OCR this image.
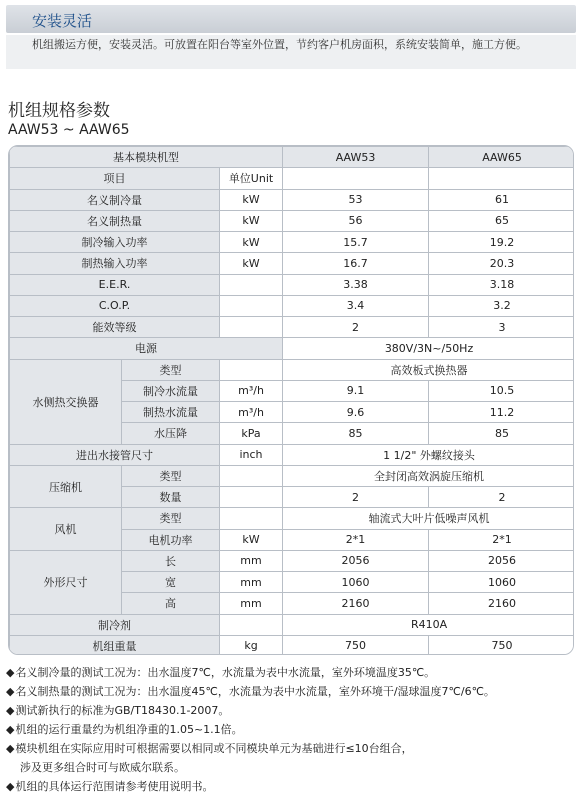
安装灵活

机组搬运方便，安装灵活。可放置在阳台等室外位置，节约客户机房面积，系统安装简单，施工方便。

机组规格参数
AAW53 ~ AAW65
基本模块机型			AAW53	AAW65
项目		单位Unit		
名义制冷量		kW	53	61
名义制热量		kW	56	65
制冷输入功率		kW	15.7	19.2
制热输入功率		kW	16.7	20.3
E.E.R.			3.38	3.18
C.O.P.			3.4	3.2
能效等级			2	3
电源			380V/3N~/50Hz	
水侧热交换器	类型		高效板式换热器	
	制冷水流量	m³/h	9.1	10.5
	制热水流量	m³/h	9.6	11.2
	水压降	kPa	85	85
进出水接管尺寸		inch	1 1/2" 外螺纹接头	
压缩机	类型		全封闭高效涡旋压缩机	
	数量		2	2
风机	类型		轴流式大叶片低噪声风机	
	电机功率	kW	2*1	2*1
外形尺寸	长	mm	2056	2056
	宽	mm	1060	1060
	高	mm	2160	2160
制冷剂			R410A	
机组重量		kg	750	750
◆名义制冷量的测试工况为：出水温度7℃，水流量为表中水流量，室外环境温度35℃。
◆名义制热量的测试工况为：出水温度45℃，水流量为表中水流量，室外环境干/湿球温度7℃/6℃。
◆测试新执行的标准为GB/T18430.1-2007。
◆机组的运行重量约为机组净重的1.05~1.1倍。
◆模块机组在实际应用时可根据需要以相同或不同模块单元为基础进行≤10台组合，
涉及更多组合时可与欧威尔联系。
◆机组的具体运行范围请参考使用说明书。
